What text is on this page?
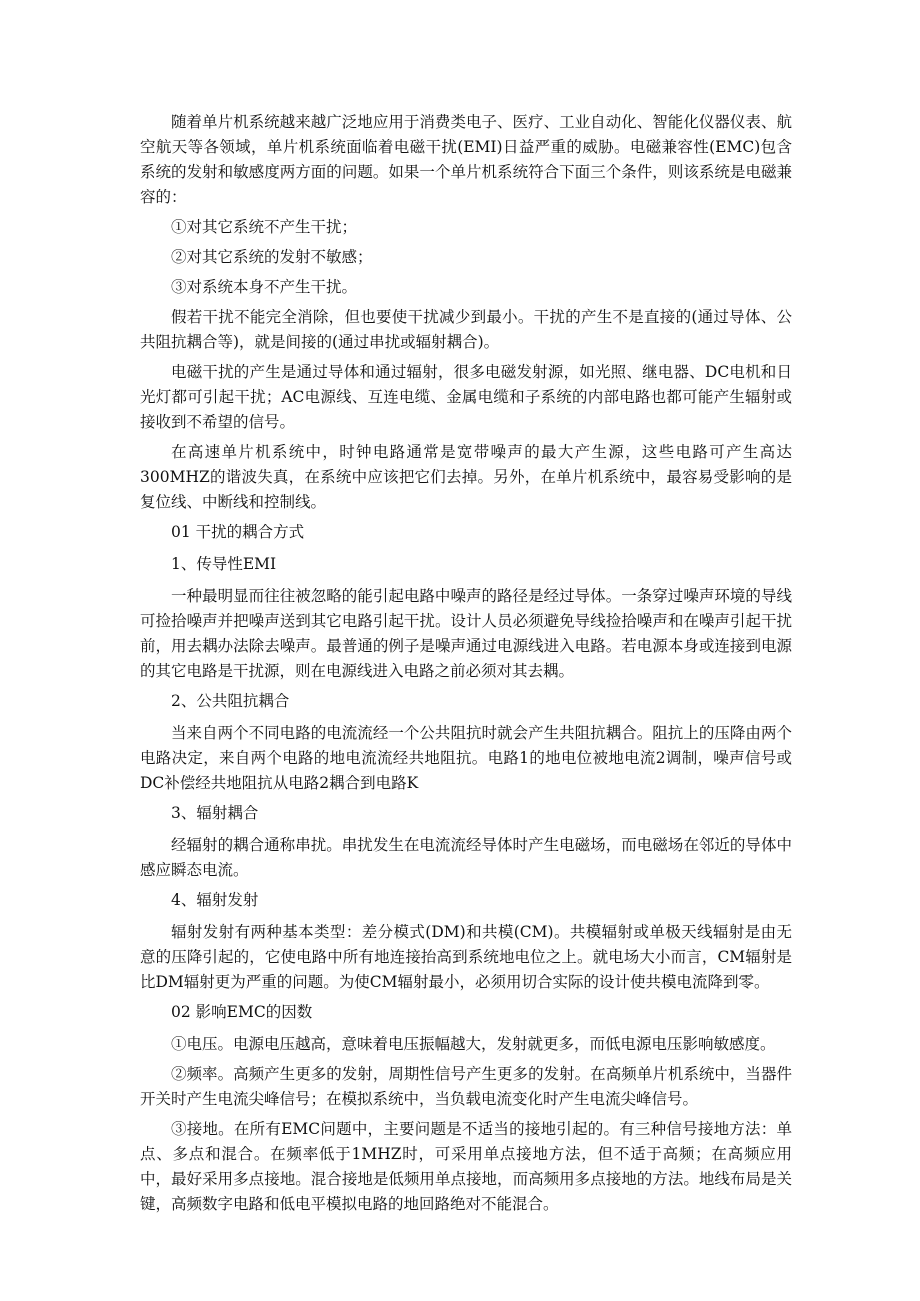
随着单片机系统越来越广泛地应用于消费类电子、医疗、工业自动化、智能化仪器仪表、航空航天等各领域，单片机系统面临着电磁干扰(EMI)日益严重的威胁。电磁兼容性(EMC)包含系统的发射和敏感度两方面的问题。如果一个单片机系统符合下面三个条件，则该系统是电磁兼容的：

①对其它系统不产生干扰；

②对其它系统的发射不敏感；

③对系统本身不产生干扰。

假若干扰不能完全消除，但也要使干扰减少到最小。干扰的产生不是直接的(通过导体、公共阻抗耦合等)，就是间接的(通过串扰或辐射耦合)。

电磁干扰的产生是通过导体和通过辐射，很多电磁发射源，如光照、继电器、DC电机和日光灯都可引起干扰；AC电源线、互连电缆、金属电缆和子系统的内部电路也都可能产生辐射或接收到不希望的信号。

在高速单片机系统中，时钟电路通常是宽带噪声的最大产生源，这些电路可产生高达300MHZ的谐波失真，在系统中应该把它们去掉。另外，在单片机系统中，最容易受影响的是复位线、中断线和控制线。

01 干扰的耦合方式

1、传导性EMI

一种最明显而往往被忽略的能引起电路中噪声的路径是经过导体。一条穿过噪声环境的导线可捡拾噪声并把噪声送到其它电路引起干扰。设计人员必须避免导线捡拾噪声和在噪声引起干扰前，用去耦办法除去噪声。最普通的例子是噪声通过电源线进入电路。若电源本身或连接到电源的其它电路是干扰源，则在电源线进入电路之前必须对其去耦。

2、公共阻抗耦合

当来自两个不同电路的电流流经一个公共阻抗时就会产生共阻抗耦合。阻抗上的压降由两个电路决定，来自两个电路的地电流流经共地阻抗。电路1的地电位被地电流2调制，噪声信号或DC补偿经共地阻抗从电路2耦合到电路K

3、辐射耦合

经辐射的耦合通称串扰。串扰发生在电流流经导体时产生电磁场，而电磁场在邻近的导体中感应瞬态电流。

4、辐射发射

辐射发射有两种基本类型：差分模式(DM)和共模(CM)。共模辐射或单极天线辐射是由无意的压降引起的，它使电路中所有地连接抬高到系统地电位之上。就电场大小而言，CM辐射是比DM辐射更为严重的问题。为使CM辐射最小，必须用切合实际的设计使共模电流降到零。

02 影响EMC的因数

①电压。电源电压越高，意味着电压振幅越大，发射就更多，而低电源电压影响敏感度。

②频率。高频产生更多的发射，周期性信号产生更多的发射。在高频单片机系统中，当器件开关时产生电流尖峰信号；在模拟系统中，当负载电流变化时产生电流尖峰信号。

③接地。在所有EMC问题中，主要问题是不适当的接地引起的。有三种信号接地方法：单点、多点和混合。在频率低于1MHZ时，可采用单点接地方法，但不适于高频；在高频应用中，最好采用多点接地。混合接地是低频用单点接地，而高频用多点接地的方法。地线布局是关键，高频数字电路和低电平模拟电路的地回路绝对不能混合。
